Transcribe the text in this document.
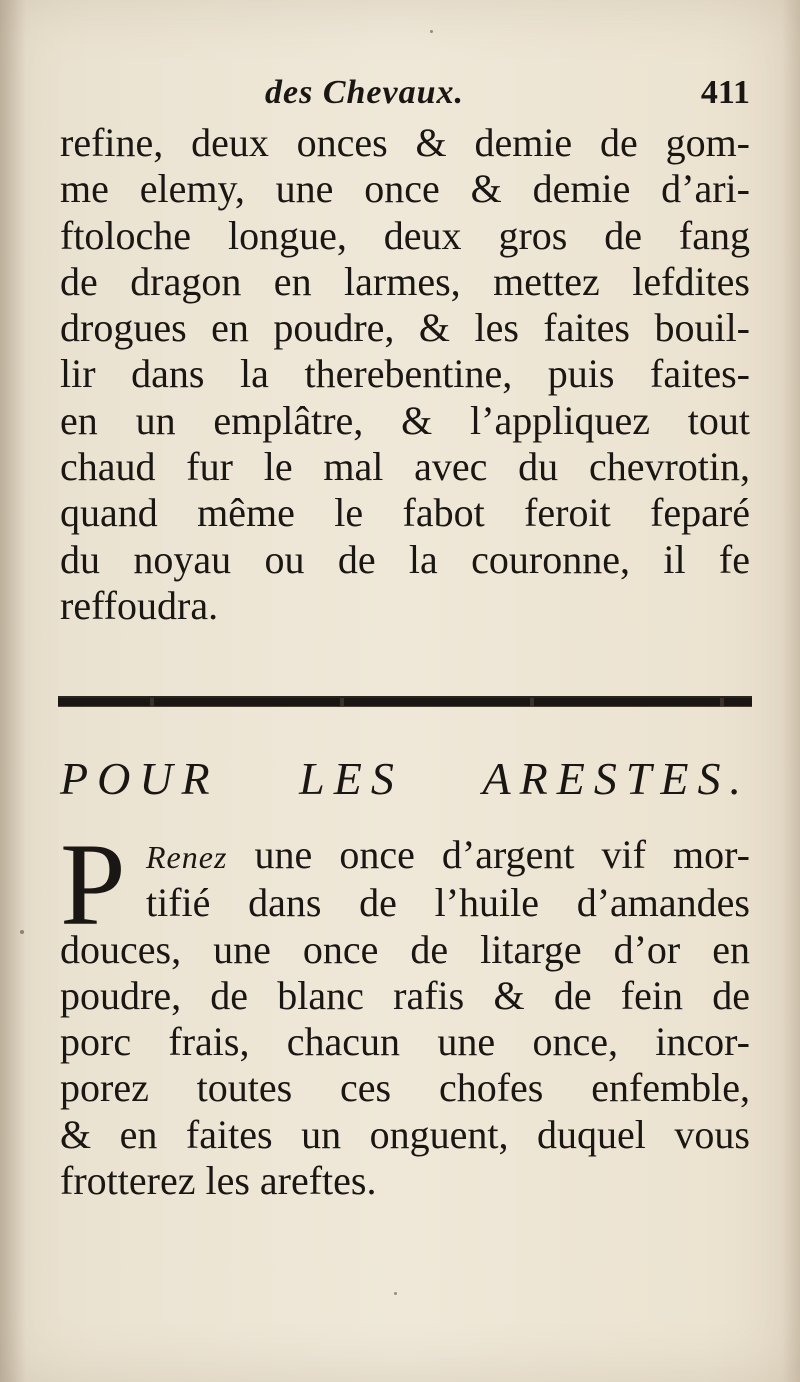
des Chevaux.	411
refine, deux onces & demie de gom-
me elemy, une once & demie d’ari-
ftoloche longue, deux gros de fang
de dragon en larmes, mettez lefdites
drogues en poudre, & les faites bouil-
lir dans la therebentine, puis faites-
en un emplâtre, & l’appliquez tout
chaud fur le mal avec du chevrotin,
quand même le fabot feroit feparé
du noyau ou de la couronne, il fe
reffoudra.
POUR LES ARESTES.
P Renez une once d’argent vif mor-
tifié dans de l’huile d’amandes
douces, une once de litarge d’or en
poudre, de blanc rafis & de fein de
porc frais, chacun une once, incor-
porez toutes ces chofes enfemble,
& en faites un onguent, duquel vous
frotterez les areftes.
